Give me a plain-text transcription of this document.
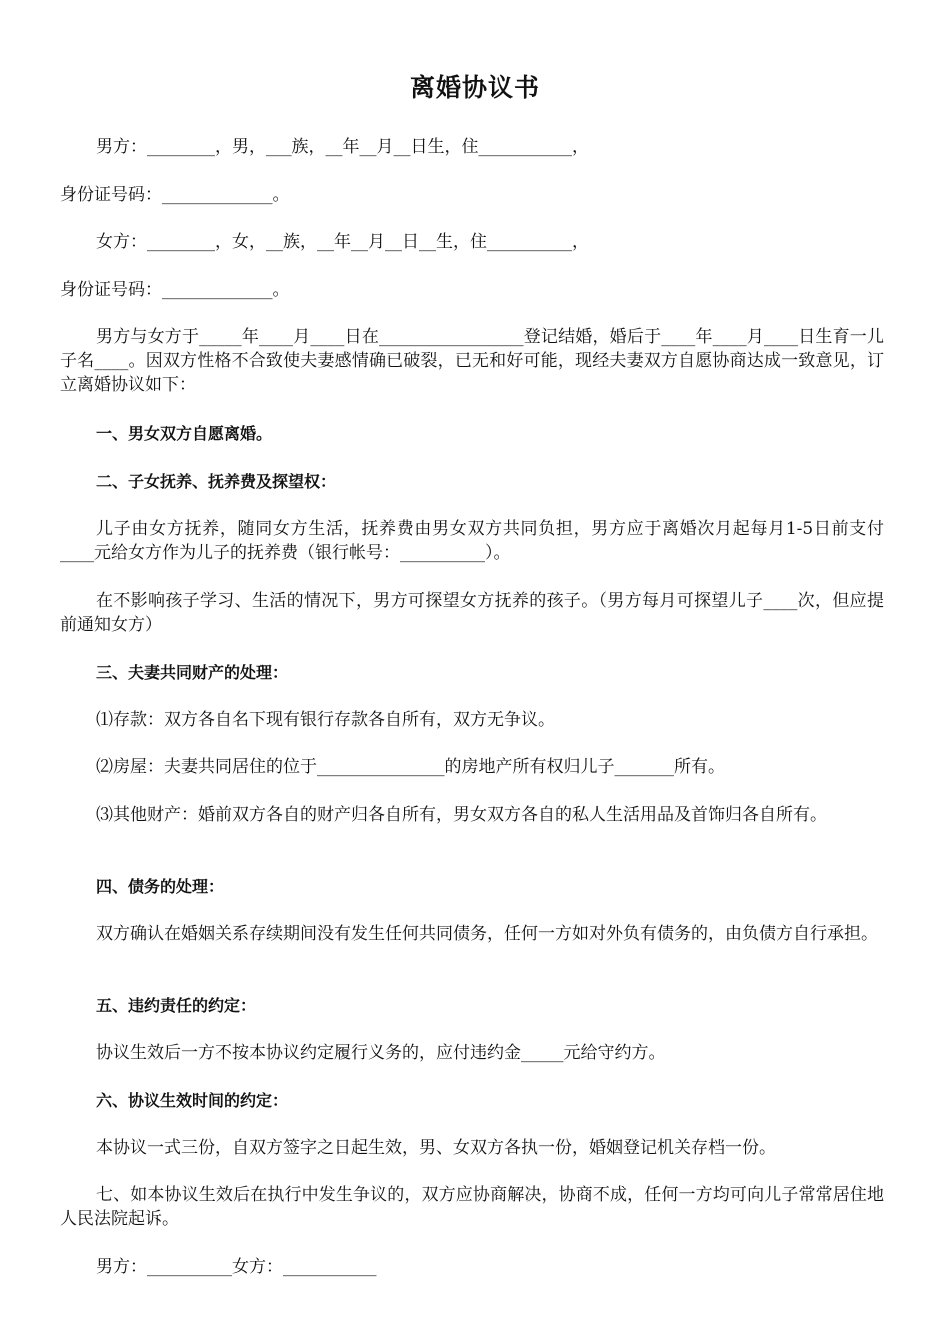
离婚协议书
男方：________，男，___族，__年__月__日生，住___________，
身份证号码：_____________。
女方：________，女，__族，__年__月__日__生，住__________，
身份证号码：_____________。
男方与女方于_____年____月____日在_________________登记结婚，婚后于____年____月____日生育一儿子名____。因双方性格不合致使夫妻感情确已破裂，已无和好可能，现经夫妻双方自愿协商达成一致意见，订立离婚协议如下：
一、男女双方自愿离婚。
二、子女抚养、抚养费及探望权：
儿子由女方抚养，随同女方生活，抚养费由男女双方共同负担，男方应于离婚次月起每月1-5日前支付____元给女方作为儿子的抚养费（银行帐号：__________）。
在不影响孩子学习、生活的情况下，男方可探望女方抚养的孩子。（男方每月可探望儿子____次，但应提前通知女方）
三、夫妻共同财产的处理：
⑴存款：双方各自名下现有银行存款各自所有，双方无争议。
⑵房屋：夫妻共同居住的位于_______________的房地产所有权归儿子_______所有。
⑶其他财产：婚前双方各自的财产归各自所有，男女双方各自的私人生活用品及首饰归各自所有。
四、债务的处理：
双方确认在婚姻关系存续期间没有发生任何共同债务，任何一方如对外负有债务的，由负债方自行承担。
五、违约责任的约定：
协议生效后一方不按本协议约定履行义务的，应付违约金_____元给守约方。
六、协议生效时间的约定：
本协议一式三份，自双方签字之日起生效，男、女双方各执一份，婚姻登记机关存档一份。
七、如本协议生效后在执行中发生争议的，双方应协商解决，协商不成，任何一方均可向儿子常常居住地人民法院起诉。
男方：__________女方：___________
